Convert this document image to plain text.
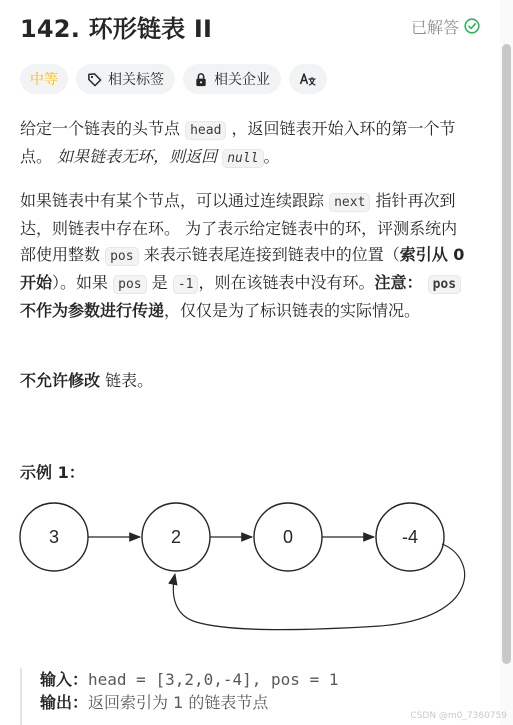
142. 环形链表 II	已解答
中等	相关标签	相关企业
给定一个链表的头节点 head ，返回链表开始入环的第一个节点。 如果链表无环，则返回 null 。
如果链表中有某个节点，可以通过连续跟踪 next 指针再次到达，则链表中存在环。 为了表示给定链表中的环，评测系统内部使用整数 pos 来表示链表尾连接到链表中的位置（索引从 0 开始）。如果 pos 是 -1 ，则在该链表中没有环。注意： pos 不作为参数进行传递，仅仅是为了标识链表的实际情况。
不允许修改 链表。
示例 1：
3	2	0	-4
输入：head = [3,2,0,-4], pos = 1
输出：返回索引为 1 的链表节点
CSDN @m0_7360759
